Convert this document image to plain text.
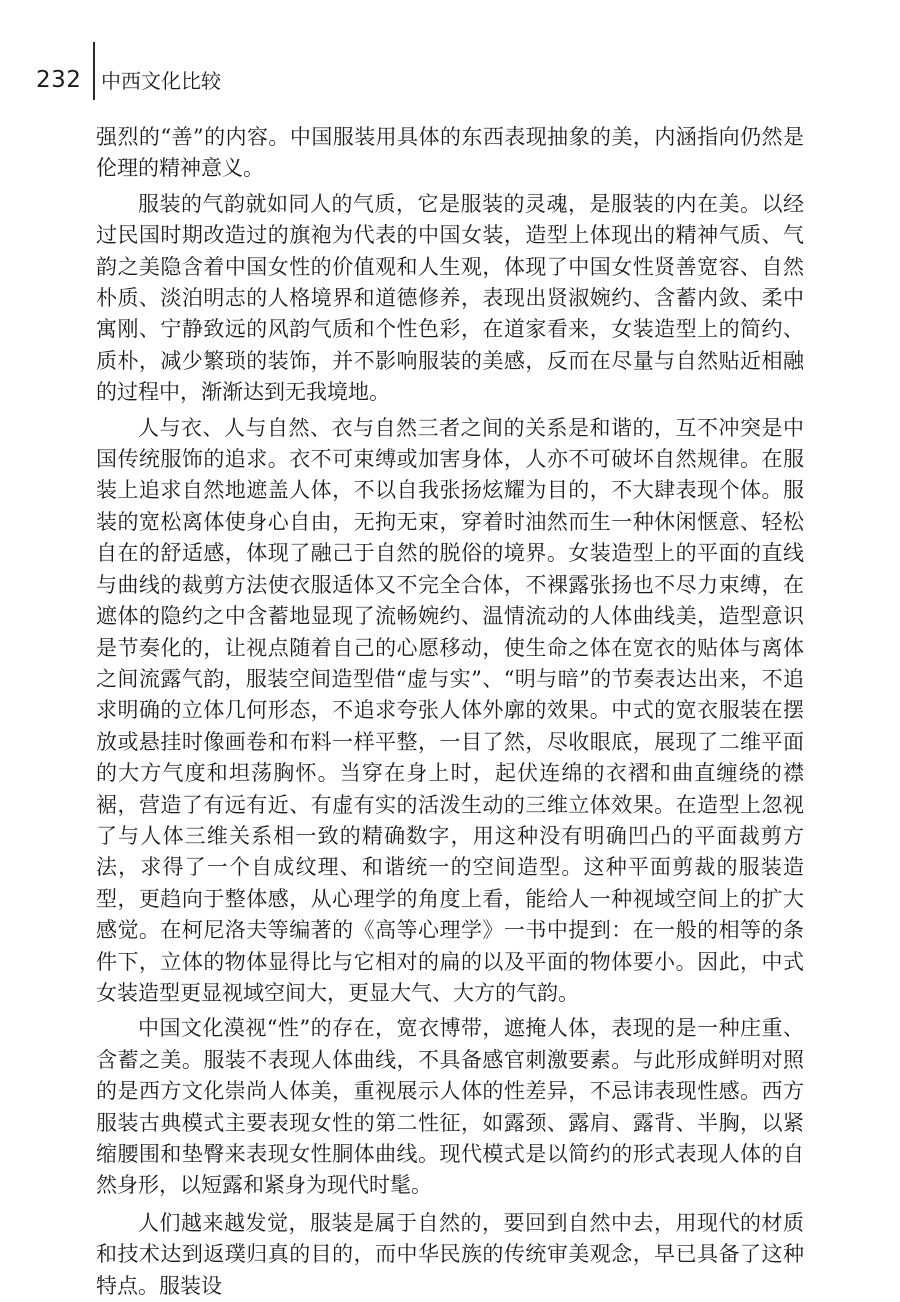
232 中西文化比较

强烈的“善”的内容。中国服装用具体的东西表现抽象的美，内涵指向仍然是伦理的精神意义。

服装的气韵就如同人的气质，它是服装的灵魂，是服装的内在美。以经过民国时期改造过的旗袍为代表的中国女装，造型上体现出的精神气质、气韵之美隐含着中国女性的价值观和人生观，体现了中国女性贤善宽容、自然朴质、淡泊明志的人格境界和道德修养，表现出贤淑婉约、含蓄内敛、柔中寓刚、宁静致远的风韵气质和个性色彩，在道家看来，女装造型上的简约、质朴，减少繁琐的装饰，并不影响服装的美感，反而在尽量与自然贴近相融的过程中，渐渐达到无我境地。

人与衣、人与自然、衣与自然三者之间的关系是和谐的，互不冲突是中国传统服饰的追求。衣不可束缚或加害身体，人亦不可破坏自然规律。在服装上追求自然地遮盖人体，不以自我张扬炫耀为目的，不大肆表现个体。服装的宽松离体使身心自由，无拘无束，穿着时油然而生一种休闲惬意、轻松自在的舒适感，体现了融己于自然的脱俗的境界。女装造型上的平面的直线与曲线的裁剪方法使衣服适体又不完全合体，不裸露张扬也不尽力束缚，在遮体的隐约之中含蓄地显现了流畅婉约、温情流动的人体曲线美，造型意识是节奏化的，让视点随着自己的心愿移动，使生命之体在宽衣的贴体与离体之间流露气韵，服装空间造型借“虚与实”、“明与暗”的节奏表达出来，不追求明确的立体几何形态，不追求夸张人体外廓的效果。中式的宽衣服装在摆放或悬挂时像画卷和布料一样平整，一目了然，尽收眼底，展现了二维平面的大方气度和坦荡胸怀。当穿在身上时，起伏连绵的衣褶和曲直缠绕的襟裾，营造了有远有近、有虚有实的活泼生动的三维立体效果。在造型上忽视了与人体三维关系相一致的精确数字，用这种没有明确凹凸的平面裁剪方法，求得了一个自成纹理、和谐统一的空间造型。这种平面剪裁的服装造型，更趋向于整体感，从心理学的角度上看，能给人一种视域空间上的扩大感觉。在柯尼洛夫等编著的《高等心理学》一书中提到：在一般的相等的条件下，立体的物体显得比与它相对的扁的以及平面的物体要小。因此，中式女装造型更显视域空间大，更显大气、大方的气韵。

中国文化漠视“性”的存在，宽衣博带，遮掩人体，表现的是一种庄重、含蓄之美。服装不表现人体曲线，不具备感官刺激要素。与此形成鲜明对照的是西方文化崇尚人体美，重视展示人体的性差异，不忌讳表现性感。西方服装古典模式主要表现女性的第二性征，如露颈、露肩、露背、半胸，以紧缩腰围和垫臀来表现女性胴体曲线。现代模式是以简约的形式表现人体的自然身形，以短露和紧身为现代时髦。

人们越来越发觉，服装是属于自然的，要回到自然中去，用现代的材质和技术达到返璞归真的目的，而中华民族的传统审美观念，早已具备了这种特点。服装设
